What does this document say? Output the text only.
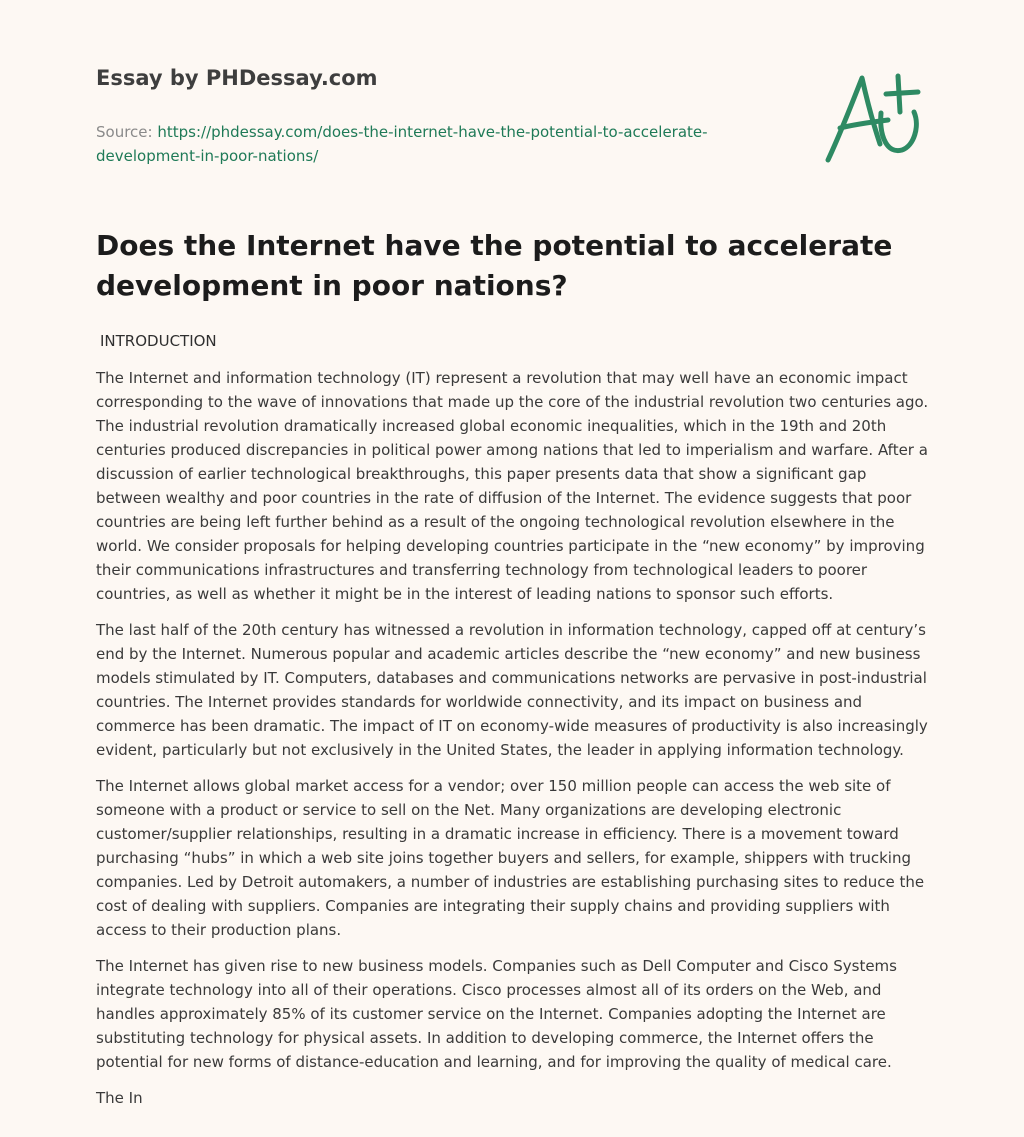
Essay by PHDessay.com
Source: https://phdessay.com/does-the-internet-have-the-potential-to-accelerate-
development-in-poor-nations/
Does the Internet have the potential to accelerate
development in poor nations?
INTRODUCTION

The Internet and information technology (IT) represent a revolution that may well have an economic impact corresponding to the wave of innovations that made up the core of the industrial revolution two centuries ago. The industrial revolution dramatically increased global economic inequalities, which in the 19th and 20th centuries produced discrepancies in political power among nations that led to imperialism and warfare. After a discussion of earlier technological breakthroughs, this paper presents data that show a significant gap between wealthy and poor countries in the rate of diffusion of the Internet. The evidence suggests that poor countries are being left further behind as a result of the ongoing technological revolution elsewhere in the world. We consider proposals for helping developing countries participate in the “new economy” by improving their communications infrastructures and transferring technology from technological leaders to poorer countries, as well as whether it might be in the interest of leading nations to sponsor such efforts.

The last half of the 20th century has witnessed a revolution in information technology, capped off at century’s end by the Internet. Numerous popular and academic articles describe the “new economy” and new business models stimulated by IT. Computers, databases and communications networks are pervasive in post-industrial countries. The Internet provides standards for worldwide connectivity, and its impact on business and commerce has been dramatic. The impact of IT on economy-wide measures of productivity is also increasingly evident, particularly but not exclusively in the United States, the leader in applying information technology.

The Internet allows global market access for a vendor; over 150 million people can access the web site of someone with a product or service to sell on the Net. Many organizations are developing electronic customer/supplier relationships, resulting in a dramatic increase in efficiency. There is a movement toward purchasing “hubs” in which a web site joins together buyers and sellers, for example, shippers with trucking companies. Led by Detroit automakers, a number of industries are establishing purchasing sites to reduce the cost of dealing with suppliers. Companies are integrating their supply chains and providing suppliers with access to their production plans.

The Internet has given rise to new business models. Companies such as Dell Computer and Cisco Systems integrate technology into all of their operations. Cisco processes almost all of its orders on the Web, and handles approximately 85% of its customer service on the Internet. Companies adopting the Internet are substituting technology for physical assets. In addition to developing commerce, the Internet offers the potential for new forms of distance-education and learning, and for improving the quality of medical care.

The In
